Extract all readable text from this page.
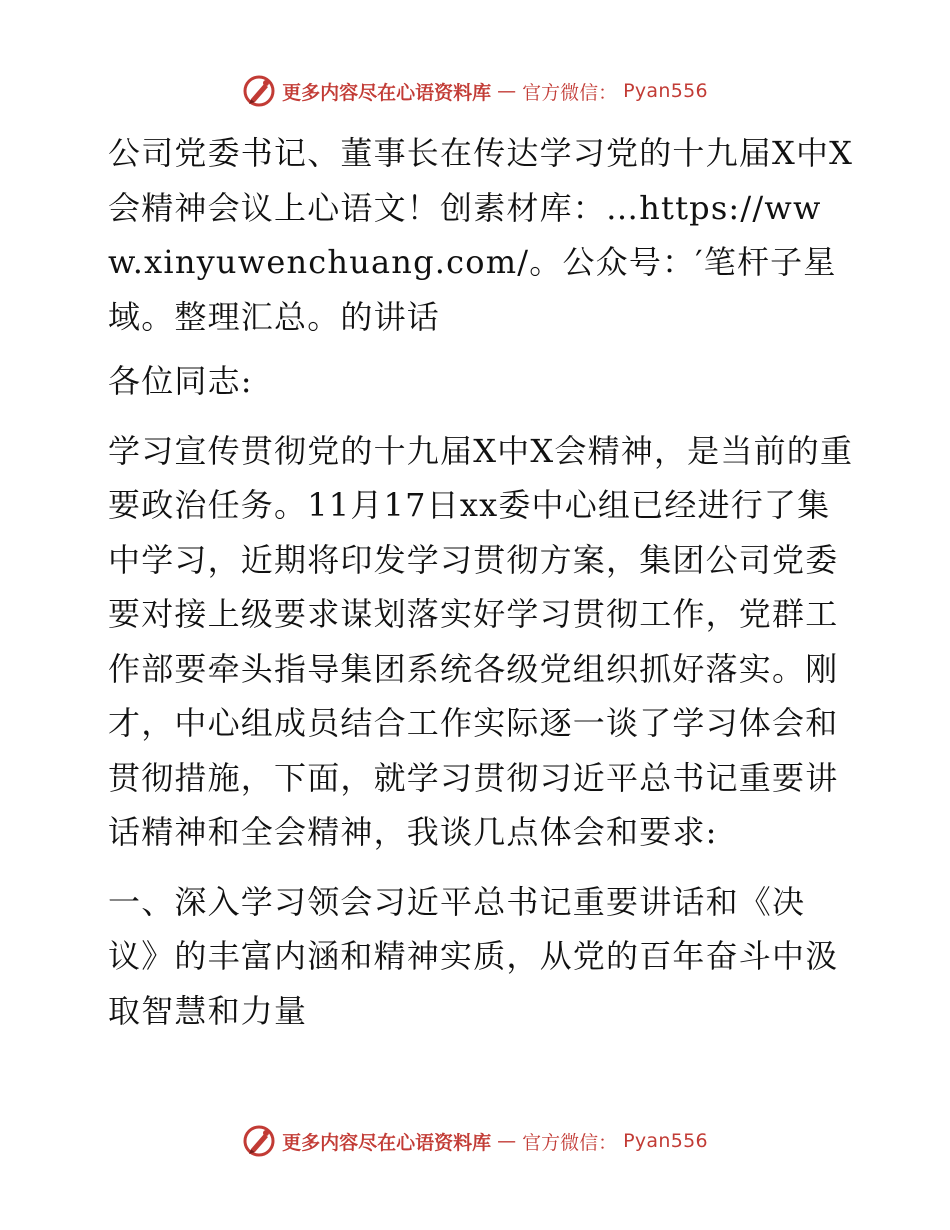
更多内容尽在心语资料库 — 官方微信： Pyan556

公司党委书记、董事长在传达学习党的十九届X中X会精神会议上心语文！创素材库：…https://www.xinyuwenchuang.com/。公众号：′笔杆子星域。整理汇总。的讲话

各位同志:

学习宣传贯彻党的十九届X中X会精神，是当前的重要政治任务。11月17日xx委中心组已经进行了集中学习，近期将印发学习贯彻方案，集团公司党委要对接上级要求谋划落实好学习贯彻工作，党群工作部要牵头指导集团系统各级党组织抓好落实。刚才，中心组成员结合工作实际逐一谈了学习体会和贯彻措施，下面，就学习贯彻习近平总书记重要讲话精神和全会精神，我谈几点体会和要求:

一、深入学习领会习近平总书记重要讲话和《决议》的丰富内涵和精神实质，从党的百年奋斗中汲取智慧和力量

更多内容尽在心语资料库 — 官方微信： Pyan556
